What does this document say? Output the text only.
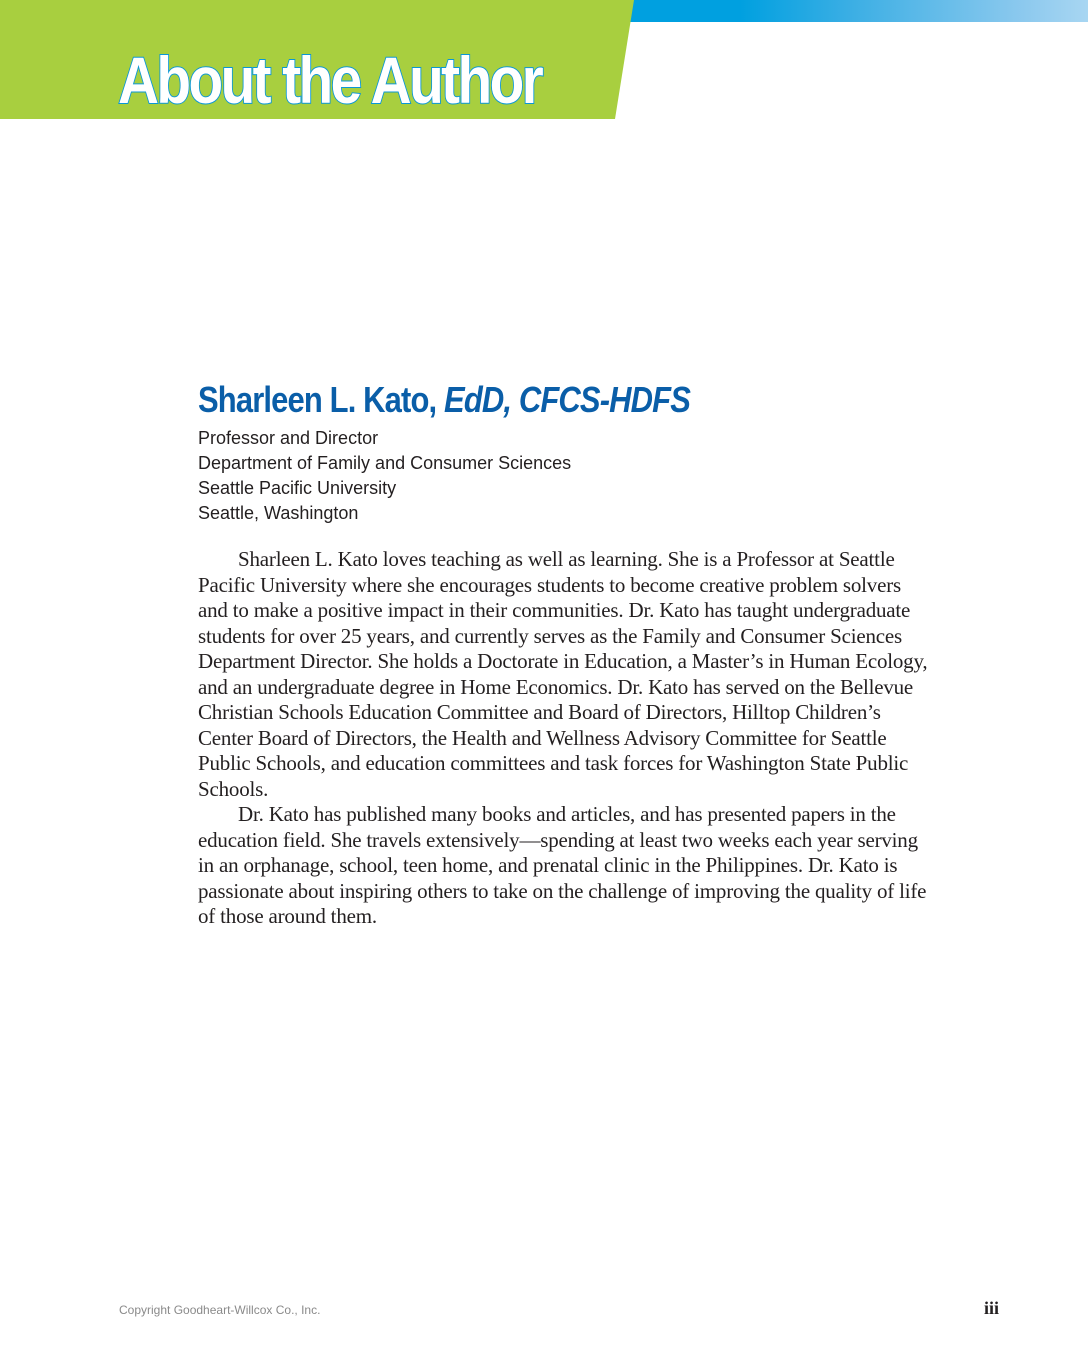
About the Author
Sharleen L. Kato, EdD, CFCS-HDFS
Professor and Director
Department of Family and Consumer Sciences
Seattle Pacific University
Seattle, Washington

Sharleen L. Kato loves teaching as well as learning. She is a Professor at Seattle Pacific University where she encourages students to become creative problem solvers and to make a positive impact in their communities. Dr. Kato has taught undergraduate students for over 25 years, and currently serves as the Family and Consumer Sciences Department Director. She holds a Doctorate in Education, a Master’s in Human Ecology, and an undergraduate degree in Home Economics. Dr. Kato has served on the Bellevue Christian Schools Education Committee and Board of Directors, Hilltop Children’s Center Board of Directors, the Health and Wellness Advisory Committee for Seattle Public Schools, and education committees and task forces for Washington State Public Schools.

Dr. Kato has published many books and articles, and has presented papers in the education field. She travels extensively—spending at least two weeks each year serving in an orphanage, school, teen home, and prenatal clinic in the Philippines. Dr. Kato is passionate about inspiring others to take on the challenge of improving the quality of life of those around them.

Copyright Goodheart-Willcox Co., Inc.	iii
